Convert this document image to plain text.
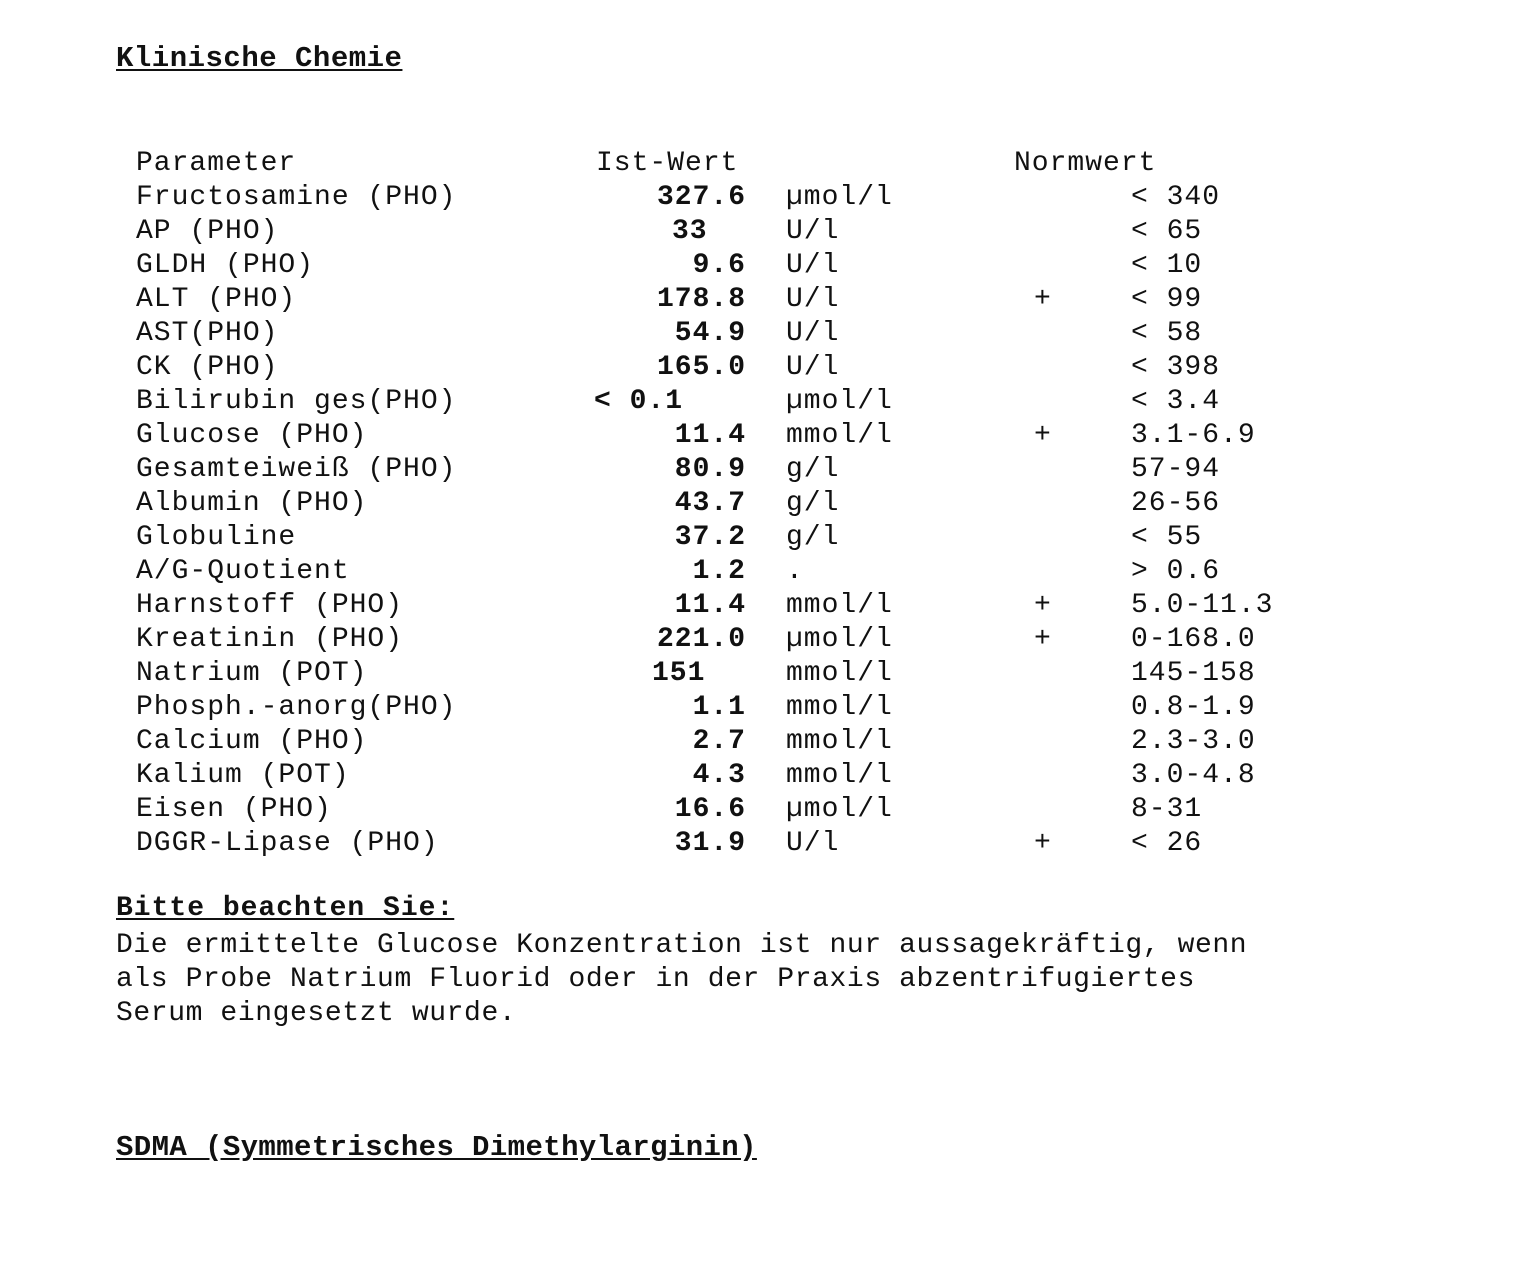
Klinische Chemie
Parameter	Ist-Wert	Normwert
Fructosamine (PHO)	327.6 µmol/l	< 340
AP (PHO)	33	U/l	< 65
GLDH (PHO)	9.6 U/l	< 10
ALT (PHO)	178.8 U/l	+	< 99
AST(PHO)	54.9 U/l	< 58
CK (PHO)	165.0 U/l	< 398
Bilirubin ges(PHO)	< 0.1	µmol/l	< 3.4
Glucose (PHO)	11.4 mmol/l	+	3.1-6.9
Gesamteiweiß (PHO)	80.9 g/l	57-94
Albumin (PHO)	43.7 g/l	26-56
Globuline	37.2 g/l	< 55
A/G-Quotient	1.2 .	> 0.6
Harnstoff (PHO)	11.4 mmol/l	+	5.0-11.3
Kreatinin (PHO)	221.0 µmol/l	+	0-168.0
Natrium (POT)	151	mmol/l	145-158
Phosph.-anorg(PHO)	1.1 mmol/l	0.8-1.9
Calcium (PHO)	2.7 mmol/l	2.3-3.0
Kalium (POT)	4.3 mmol/l	3.0-4.8
Eisen (PHO)	16.6 µmol/l	8-31
DGGR-Lipase (PHO)	31.9 U/l	+	< 26
Bitte beachten Sie:
Die ermittelte Glucose Konzentration ist nur aussagekräftig, wenn
als Probe Natrium Fluorid oder in der Praxis abzentrifugiertes
Serum eingesetzt wurde.
SDMA (Symmetrisches Dimethylarginin)
